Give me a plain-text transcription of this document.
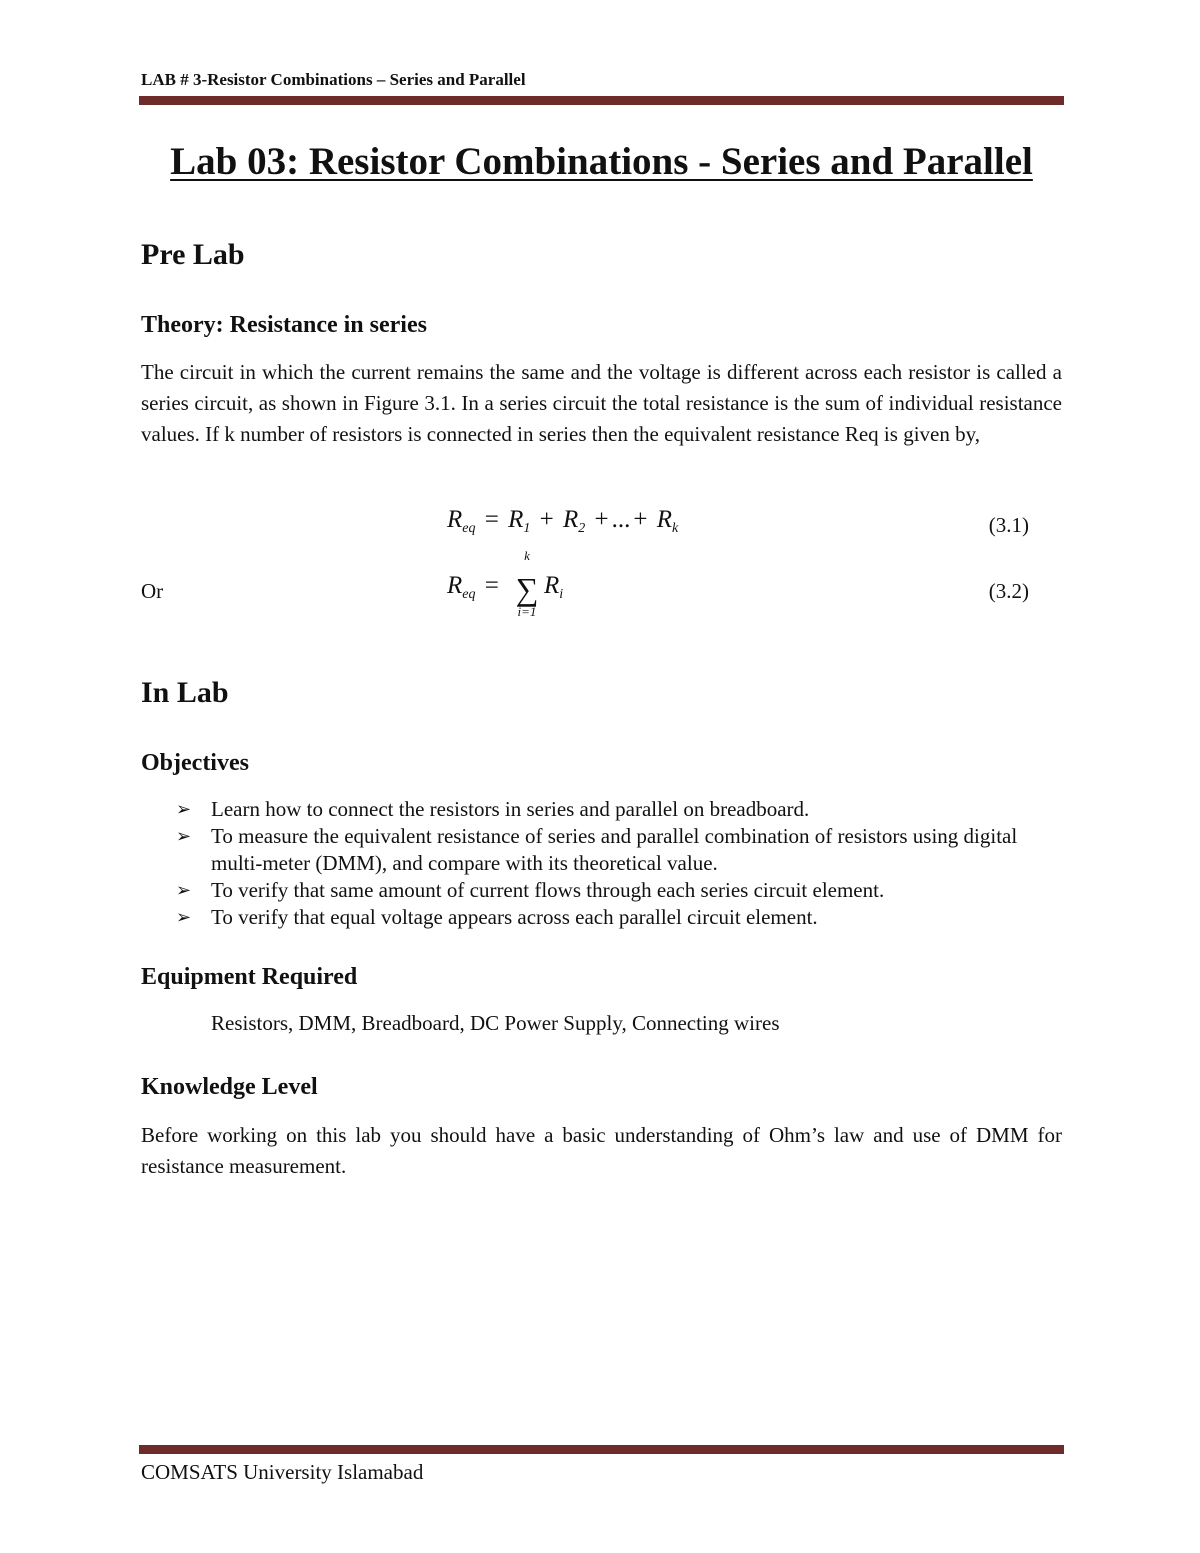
LAB # 3-Resistor Combinations – Series and Parallel
Lab 03: Resistor Combinations - Series and Parallel
Pre Lab
Theory: Resistance in series
The circuit in which the current remains the same and the voltage is different across each resistor is called a series circuit, as shown in Figure 3.1. In a series circuit the total resistance is the sum of individual resistance values. If k number of resistors is connected in series then the equivalent resistance Req is given by,
$R_{eq} = R_1 + R_2$ + ... + $R_k$	(3.1)
Or	$R_{eq}$ =
k
∑
i=1
$R_i$	(3.2)
In Lab
Objectives
➢ Learn how to connect the resistors in series and parallel on breadboard.
➢ To measure the equivalent resistance of series and parallel combination of resistors using digital multi-meter (DMM), and compare with its theoretical value.
➢ To verify that same amount of current flows through each series circuit element.
➢ To verify that equal voltage appears across each parallel circuit element.
Equipment Required
Resistors, DMM, Breadboard, DC Power Supply, Connecting wires
Knowledge Level
Before working on this lab you should have a basic understanding of Ohm’s law and use of DMM for resistance measurement.
COMSATS University Islamabad
